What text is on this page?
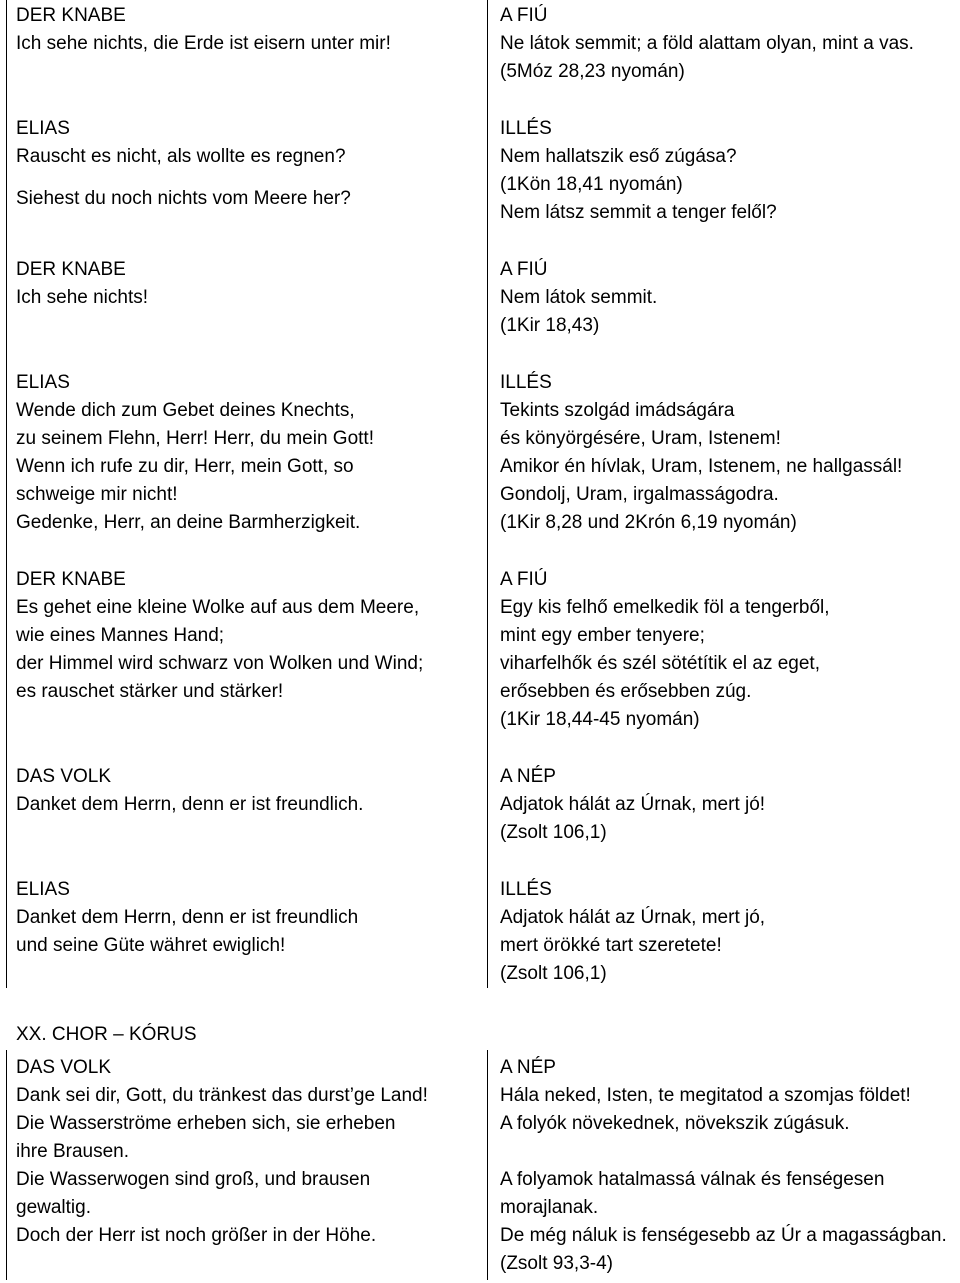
DER KNABE
Ich sehe nichts, die Erde ist eisern unter mir!
ELIAS
Rauscht es nicht, als wollte es regnen?
Siehest du noch nichts vom Meere her?
DER KNABE
Ich sehe nichts!
ELIAS
Wende dich zum Gebet deines Knechts,
zu seinem Flehn, Herr! Herr, du mein Gott!
Wenn ich rufe zu dir, Herr, mein Gott, so
schweige mir nicht!
Gedenke, Herr, an deine Barmherzigkeit.
DER KNABE
Es gehet eine kleine Wolke auf aus dem Meere,
wie eines Mannes Hand;
der Himmel wird schwarz von Wolken und Wind;
es rauschet stärker und stärker!
DAS VOLK
Danket dem Herrn, denn er ist freundlich.
ELIAS
Danket dem Herrn, denn er ist freundlich
und seine Güte währet ewiglich!
A FIÚ
Ne látok semmit; a föld alattam olyan, mint a vas.
(5Móz 28,23 nyomán)
ILLÉS
Nem hallatszik eső zúgása?
(1Kön 18,41 nyomán)
Nem látsz semmit a tenger felől?
A FIÚ
Nem látok semmit.
(1Kir 18,43)
ILLÉS
Tekints szolgád imádságára
és könyörgésére, Uram, Istenem!
Amikor én hívlak, Uram, Istenem, ne hallgassál!
Gondolj, Uram, irgalmasságodra.
(1Kir 8,28 und 2Krón 6,19 nyomán)
A FIÚ
Egy kis felhő emelkedik föl a tengerből,
mint egy ember tenyere;
viharfelhők és szél sötétítik el az eget,
erősebben és erősebben zúg.
(1Kir 18,44-45 nyomán)
A NÉP
Adjatok hálát az Úrnak, mert jó!
(Zsolt 106,1)
ILLÉS
Adjatok hálát az Úrnak, mert jó,
mert örökké tart szeretete!
(Zsolt 106,1)
XX. CHOR – KÓRUS
DAS VOLK
Dank sei dir, Gott, du tränkest das durst’ge Land!
Die Wasserströme erheben sich, sie erheben
ihre Brausen.
Die Wasserwogen sind groß, und brausen
gewaltig.
Doch der Herr ist noch größer in der Höhe.
A NÉP
Hála neked, Isten, te megitatod a szomjas földet!
A folyók növekednek, növekszik zúgásuk.
A folyamok hatalmassá válnak és fenségesen
morajlanak.
De még náluk is fenségesebb az Úr a magasságban.
(Zsolt 93,3-4)
